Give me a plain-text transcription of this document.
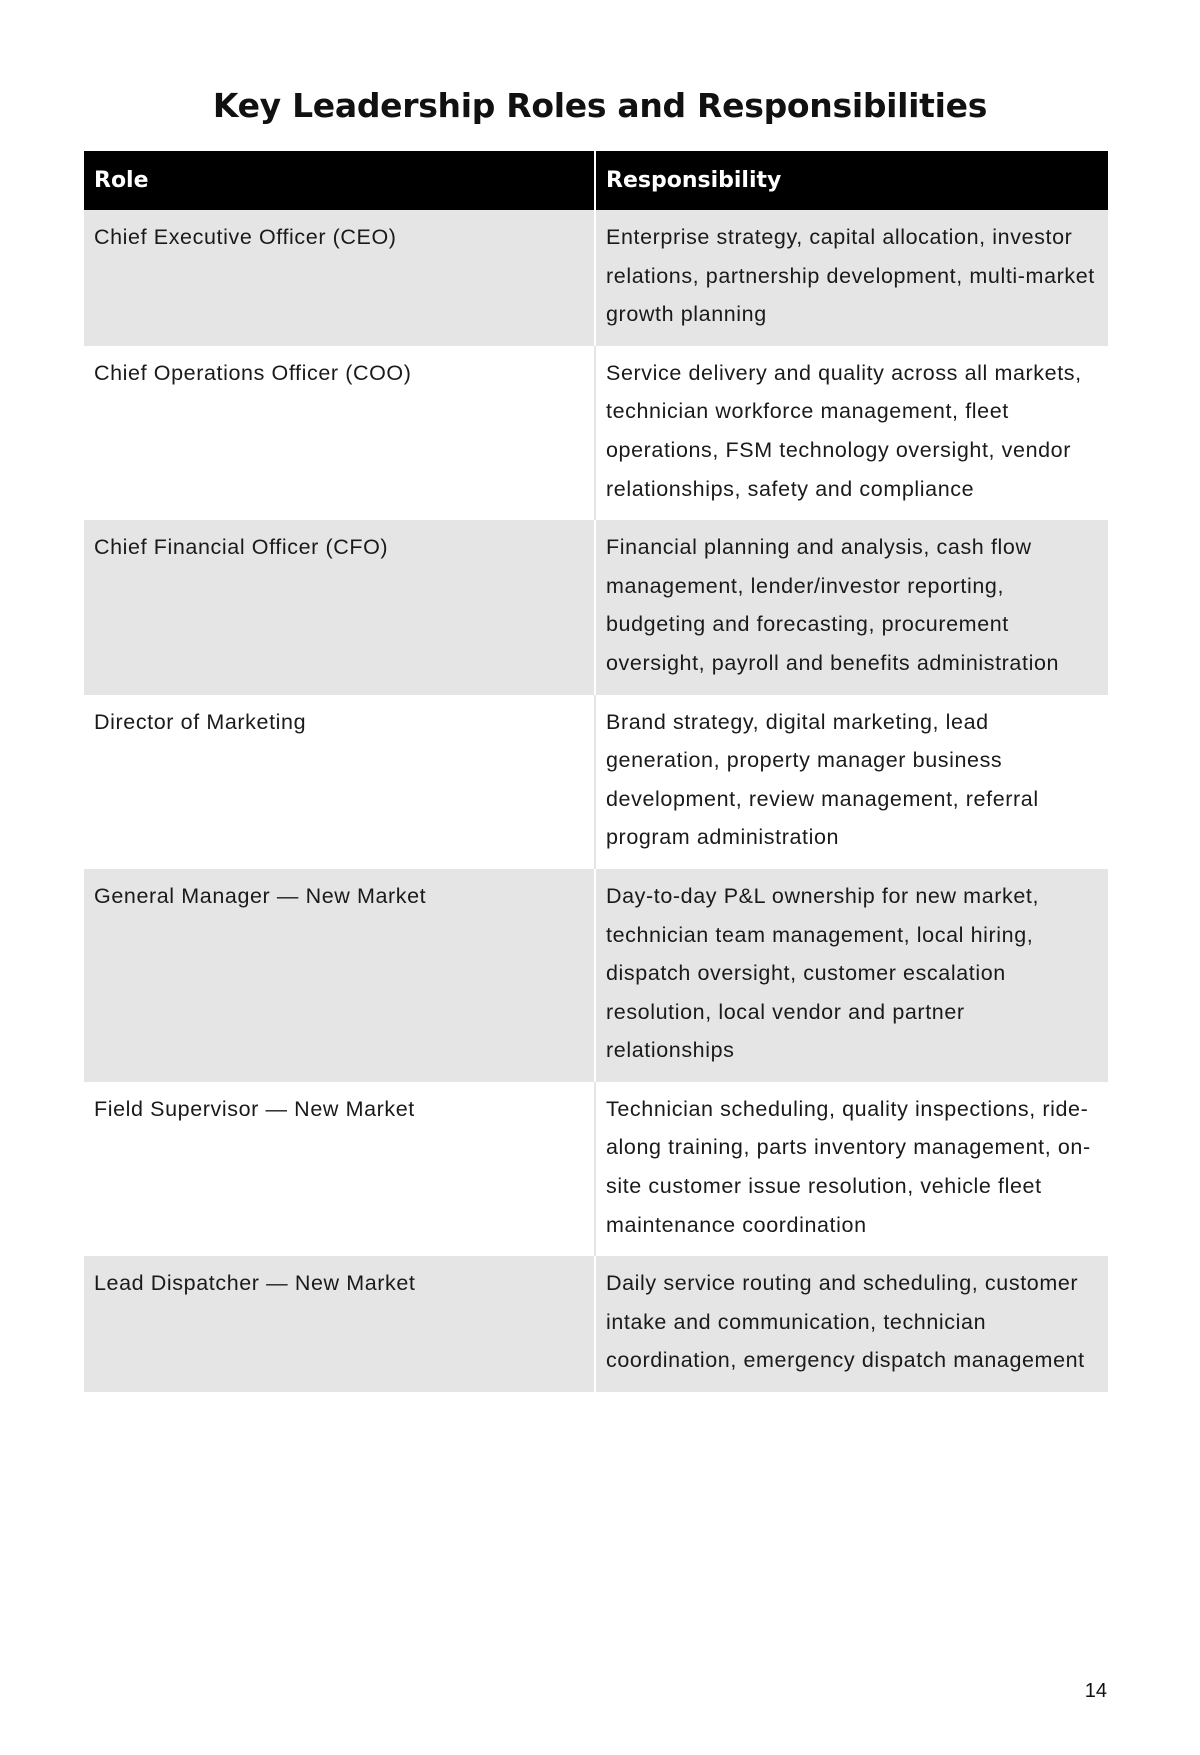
Key Leadership Roles and Responsibilities
Role	Responsibility
Chief Executive Officer (CEO)	Enterprise strategy, capital allocation, investor relations, partnership development, multi-market growth planning
Chief Operations Officer (COO)	Service delivery and quality across all markets, technician workforce management, fleet operations, FSM technology oversight, vendor relationships, safety and compliance
Chief Financial Officer (CFO)	Financial planning and analysis, cash flow management, lender/investor reporting, budgeting and forecasting, procurement oversight, payroll and benefits administration
Director of Marketing	Brand strategy, digital marketing, lead generation, property manager business development, review management, referral program administration
General Manager — New Market	Day-to-day P&L ownership for new market, technician team management, local hiring, dispatch oversight, customer escalation resolution, local vendor and partner relationships
Field Supervisor — New Market	Technician scheduling, quality inspections, ride-along training, parts inventory management, on-site customer issue resolution, vehicle fleet maintenance coordination
Lead Dispatcher — New Market	Daily service routing and scheduling, customer intake and communication, technician coordination, emergency dispatch management
14
